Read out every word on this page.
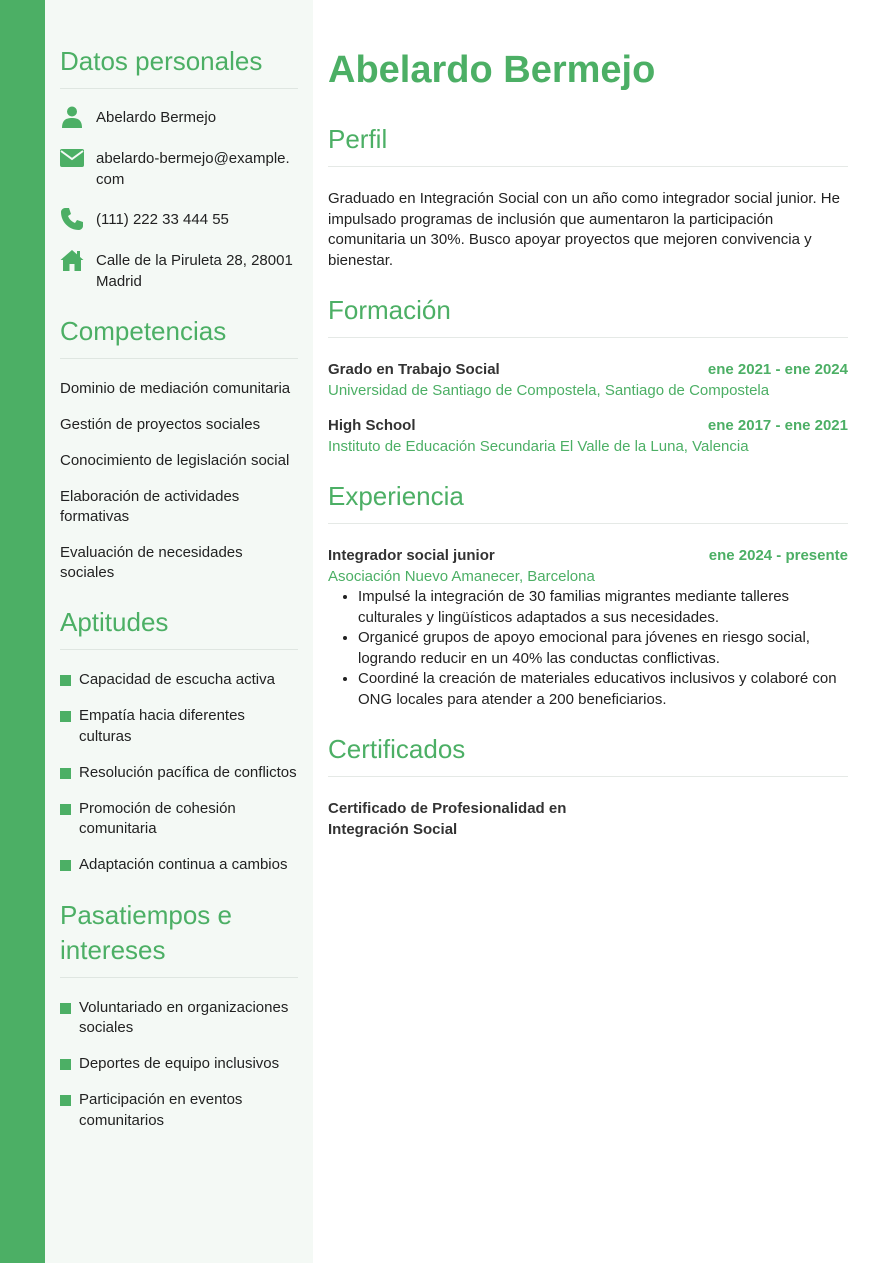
Datos personales
Abelardo Bermejo
abelardo-bermejo@example.com
(111) 222 33 444 55
Calle de la Piruleta 28, 28001 Madrid
Competencias
Dominio de mediación comunitaria
Gestión de proyectos sociales
Conocimiento de legislación social
Elaboración de actividades formativas
Evaluación de necesidades sociales
Aptitudes
Capacidad de escucha activa
Empatía hacia diferentes culturas
Resolución pacífica de conflictos
Promoción de cohesión comunitaria
Adaptación continua a cambios
Pasatiempos e intereses
Voluntariado en organizaciones sociales
Deportes de equipo inclusivos
Participación en eventos comunitarios
Abelardo Bermejo
Perfil

Graduado en Integración Social con un año como integrador social junior. He impulsado programas de inclusión que aumentaron la participación comunitaria un 30%. Busco apoyar proyectos que mejoren convivencia y bienestar.

Formación
Grado en Trabajo Social	ene 2021 - ene 2024
Universidad de Santiago de Compostela, Santiago de Compostela
High School	ene 2017 - ene 2021
Instituto de Educación Secundaria El Valle de la Luna, Valencia
Experiencia
Integrador social junior	ene 2024 - presente
Asociación Nuevo Amanecer, Barcelona
• Impulsé la integración de 30 familias migrantes mediante talleres culturales y lingüísticos adaptados a sus necesidades.
• Organicé grupos de apoyo emocional para jóvenes en riesgo social, logrando reducir en un 40% las conductas conflictivas.
• Coordiné la creación de materiales educativos inclusivos y colaboré con ONG locales para atender a 200 beneficiarios.
Certificados
Certificado de Profesionalidad en Integración Social
